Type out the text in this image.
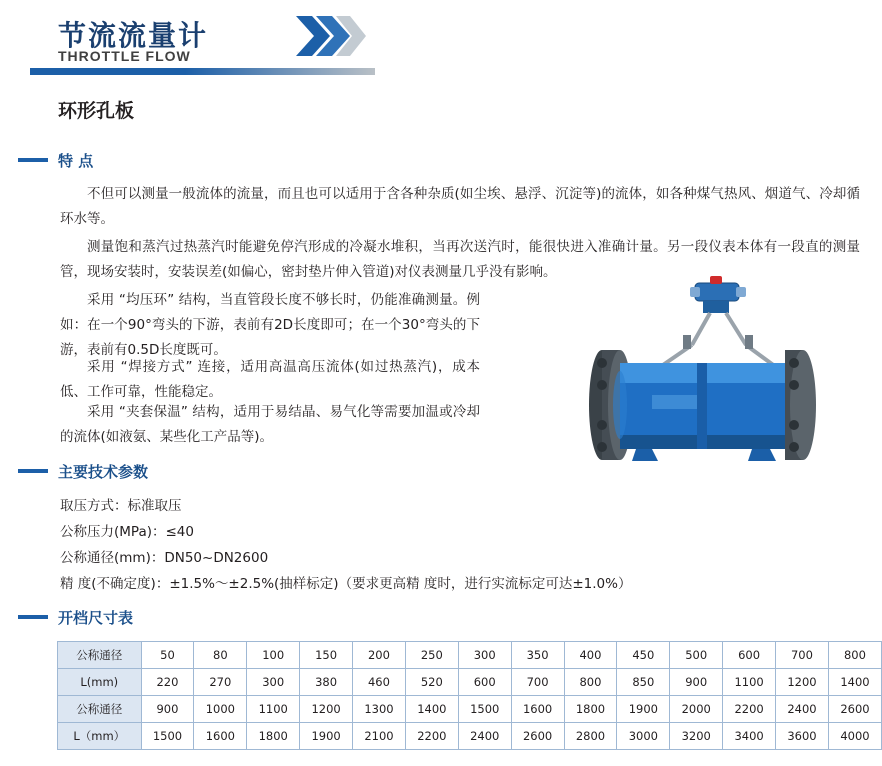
节流流量计
THROTTLE FLOW
环形孔板
特 点
不但可以测量一般流体的流量，而且也可以适用于含各种杂质(如尘埃、悬浮、沉淀等)的流体，如各种煤气热风、烟道气、冷却循环水等。
测量饱和蒸汽过热蒸汽时能避免停汽形成的冷凝水堆积，当再次送汽时，能很快进入准确计量。另一段仪表本体有一段直的测量管，现场安装时，安装误差(如偏心，密封垫片伸入管道)对仪表测量几乎没有影响。
采用 “均压环” 结构，当直管段长度不够长时，仍能准确测量。例如：在一个90°弯头的下游，表前有2D长度即可；在一个30°弯头的下游，表前有0.5D长度既可。
采用 “焊接方式” 连接，适用高温高压流体(如过热蒸汽)，成本低、工作可靠，性能稳定。
采用 “夹套保温” 结构，适用于易结晶、易气化等需要加温或冷却的流体(如液氨、某些化工产品等)。
主要技术参数
取压方式：标准取压
公称压力(MPa)：≤40
公称通径(mm)：DN50~DN2600
精 度(不确定度)：±1.5%～±2.5%(抽样标定)（要求更高精 度时，进行实流标定可达±1.0%）
开档尺寸表
公称通径	50	80	100	150	200	250	300	350	400	450	500	600	700	800
L(mm)	220	270	300	380	460	520	600	700	800	850	900	1100	1200	1400
公称通径	900	1000	1100	1200	1300	1400	1500	1600	1800	1900	2000	2200	2400	2600
L（mm）	1500	1600	1800	1900	2100	2200	2400	2600	2800	3000	3200	3400	3600	4000
